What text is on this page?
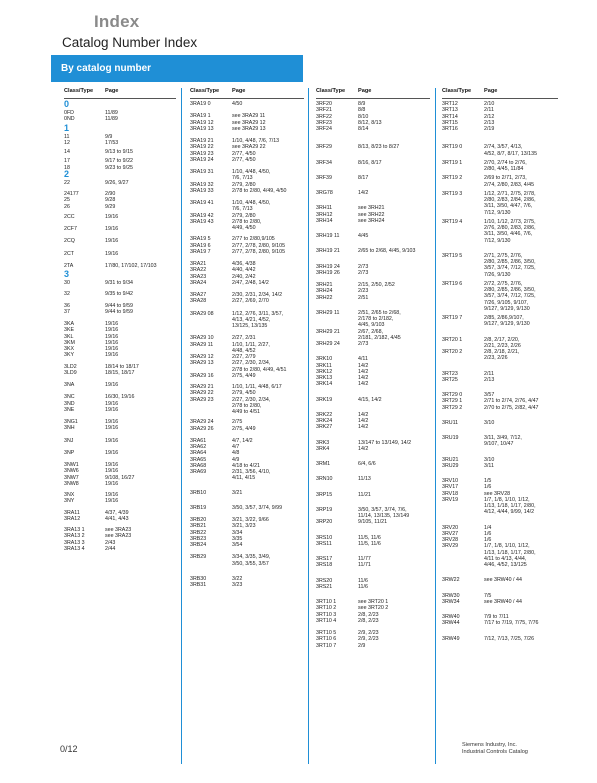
Index
Catalog Number Index
By catalog number
Class/Type Page
0
0FD	11/89
0ND	11/89
1
11	9/9
12	17/53
14	9/13 to 9/15
17	9/17 to 9/22
18	9/23 to 9/25
2
22	9/26, 9/27
24177	2/90
25	9/28
26	9/29
2CC	19/16
2CF7	19/16
2CQ	19/16
2CT	19/16
2TA	17/80, 17/102, 17/103
3
30	9/31 to 9/34
32	9/35 to 9/42
36	9/44 to 9/59
37	9/44 to 9/59
3KA	19/16
3KE	19/16
3KL	19/16
3KM	19/16
3KX	19/16
3KY	19/16
3LD2	18/14 to 18/17
3LD9	18/15, 18/17
3NA	19/16
3NC	16/30, 19/16
3ND	19/16
3NE	19/16
3NG1	19/16
3NH	19/16
3NJ	19/16
3NP	19/16
3NW1	19/16
3NW6	19/16
3NW7	9/108, 16/27
3NW8	19/16
3NX	19/16
3NY	19/16
3RA11	4/37, 4/39
3RA12	4/41, 4/43
3RA13 1	see 3RA23
3RA13 2	see 3RA23
3RA13 3	2/43
3RA13 4	2/44
Class/Type Page
3RA19 0	4/50
3RA19 1	see 3RA29 11
3RA19 12	see 3RA29 12
3RA19 13	see 3RA29 13
3RA19 21	1/10, 4/48, 7/6, 7/13
3RA19 22	see 3RA29 22
3RA19 23	2/77, 4/50
3RA19 24	2/77, 4/50
3RA19 31	1/10, 4/48, 4/50,
7/6, 7/13
3RA19 32	2/79, 2/80
3RA19 33	2/78 to 2/80, 4/49, 4/50
3RA19 41	1/10, 4/48, 4/50,
7/6, 7/13
3RA19 42	2/79, 2/80
3RA19 43	2/78 to 2/80,
4/49, 4/50
3RA19 5	2/77 to 2/80,9/105
3RA19 6	2/77, 2/78, 2/80, 9/105
3RA19 7	2/77, 2/78, 2/80, 9/105
3RA21	4/36, 4/38
3RA22	4/40, 4/42
3RA23	2/40, 2/42
3RA24	2/47, 2/48, 14/2
3RA27	2/30, 2/31, 2/34, 14/2
3RA28	2/27, 2/69, 2/70
3RA29 08	1/12, 2/76, 3/11, 3/57,
4/13, 4/21, 4/52,
13/125, 13/135
3RA29 10	2/27, 2/31
3RA29 11	1/10, 1/11, 2/27,
4/48, 4/52
3RA29 12	2/27, 2/79
3RA29 13	2/27, 2/30, 2/34,
2/78 to 2/80, 4/49, 4/51
3RA29 16	2/75, 4/49
3RA29 21	1/10, 1/11, 4/48, 6/17
3RA29 22	2/79, 4/50
3RA29 23	2/27, 2/30, 2/34,
2/78 to 2/80,
4/49 to 4/51
3RA29 24	2/75
3RA29 26	2/75, 4/49
3RA61	4/7, 14/2
3RA62	4/7
3RA64	4/8
3RA65	4/9
3RA68	4/18 to 4/21
3RA69	2/31, 3/56, 4/10,
4/11, 4/15
3RB10	3/21
3RB19	3/50, 3/57, 3/74, 9/99
3RB20	3/21, 3/22, 9/66
3RB21	3/21, 3/23
3RB22	3/34
3RB23	3/35
3RB24	3/54
3RB29	3/34, 3/35, 3/49,
3/50, 3/55, 3/57
3RB30	3/22
3RB31	3/23
Class/Type Page
3RF20	8/9
3RF21	8/8
3RF22	8/10
3RF23	8/12, 8/13
3RF24	8/14
3RF29	8/13, 8/23 to 8/27
3RF34	8/16, 8/17
3RF39	8/17
3RG78	14/2
3RH11	see 3RH21
3RH12	see 3RH22
3RH14	see 3RH24
3RH19 11	4/45
3RH19 21	2/65 to 2/68, 4/45, 9/103
3RH19 24	2/73
3RH19 26	2/73
3RH21	2/15, 2/50, 2/52
3RH24	2/23
3RH22	2/51
3RH29 11	2/51, 2/65 to 2/68,
2/178 to 2/182,
4/45, 9/103
3RH29 21	2/67, 2/68,
2/181, 2/182, 4/45
3RH29 24	2/73
3RK10	4/11
3RK11	14/2
3RK12	14/2
3RK13	14/2
3RK14	14/2
3RK19	4/15, 14/2
3RK22	14/2
3RK24	14/2
3RK27	14/2
3RK3	13/147 to 13/149, 14/2
3RK4	14/2
3RM1	6/4, 6/6
3RN10	11/13
3RP15	11/21
3RP19	3/50, 3/57, 3/74, 7/6,
11/14, 13/135, 13/149
3RP20	9/105, 11/21
3RS10	11/5, 11/6
3RS11	11/5, 11/6
3RS17	11/77
3RS18	11/71
3RS20	11/6
3RS21	11/6
3RT10 1	see 3RT20 1
3RT10 2	see 3RT20 2
3RT10 3	2/8, 2/23
3RT10 4	2/8, 2/23
3RT10 5	2/9, 2/23
3RT10 6	2/9, 2/23
3RT10 7	2/9
Class/Type Page
3RT12	2/10
3RT13	2/11
3RT14	2/12
3RT15	2/13
3RT16	2/19
3RT19 0	2/74, 3/57, 4/13,
4/52, 8/7, 8/17, 13/135
3RT19 1	2/70, 2/74 to 2/76,
2/80, 4/45, 11/84
3RT19 2	2/69 to 2/71, 2/73,
2/74, 2/80, 2/83, 4/45
3RT19 3	1/12, 2/71, 2/75, 2/78,
2/80, 2/83, 2/84, 2/86,
3/11, 3/50, 4/47, 7/6,
7/12, 9/130
3RT19 4	1/10, 1/12, 2/73, 2/75,
2/76, 2/80, 2/83, 2/86,
3/11, 3/50, 4/46, 7/6,
7/12, 9/130
3RT19 5	2/71, 2/75, 2/76,
2/80, 2/85, 2/86, 3/50,
3/57, 3/74, 7/12, 7/25,
7/26, 9/130
3RT19 6	2/72, 2/75, 2/76,
2/80, 2/85, 2/86, 3/50,
3/57, 3/74, 7/12, 7/25,
7/26, 9/105, 9/107,
9/127, 9/129, 9/130
3RT19 7	2/85, 2/86,9/107,
9/127, 9/129, 9/130
3RT20 1	2/8, 2/17, 2/20,
2/21, 2/23, 2/26
3RT20 2	2/8, 2/18, 2/21,
2/23, 2/26
3RT23	2/11
3RT25	2/13
3RT29 0	3/57
3RT29 1	2/71 to 2/74, 2/76, 4/47
3RT29 2	2/70 to 2/75, 2/82, 4/47
3RU11	3/10
3RU19	3/11, 3/49, 7/12,
9/107, 10/47
3RU21	3/10
3RU29	3/11
3RV10	1/5
3RV17	1/6
3RV18	see 3RV28
3RV19	1/7, 1/8, 1/10, 1/12,
1/13, 1/18, 1/17, 2/80,
4/12, 4/44, 9/99, 14/2
3RV20	1/4
3RV27	1/6
3RV28	1/6
3RV29	1/7, 1/8, 1/10, 1/12,
1/13, 1/18, 1/17, 2/80,
4/11 to 4/13, 4/44,
4/46, 4/52, 13/125
3RW22	see 3RW40 / 44
3RW30	7/5
3RW34	see 3RW40 / 44
3RW40	7/9 to 7/11
3RW44	7/17 to 7/19, 7/75, 7/76
3RW49	7/12, 7/13, 7/25, 7/26
0/12	Siemens Industry, Inc.
Industrial Controls Catalog
